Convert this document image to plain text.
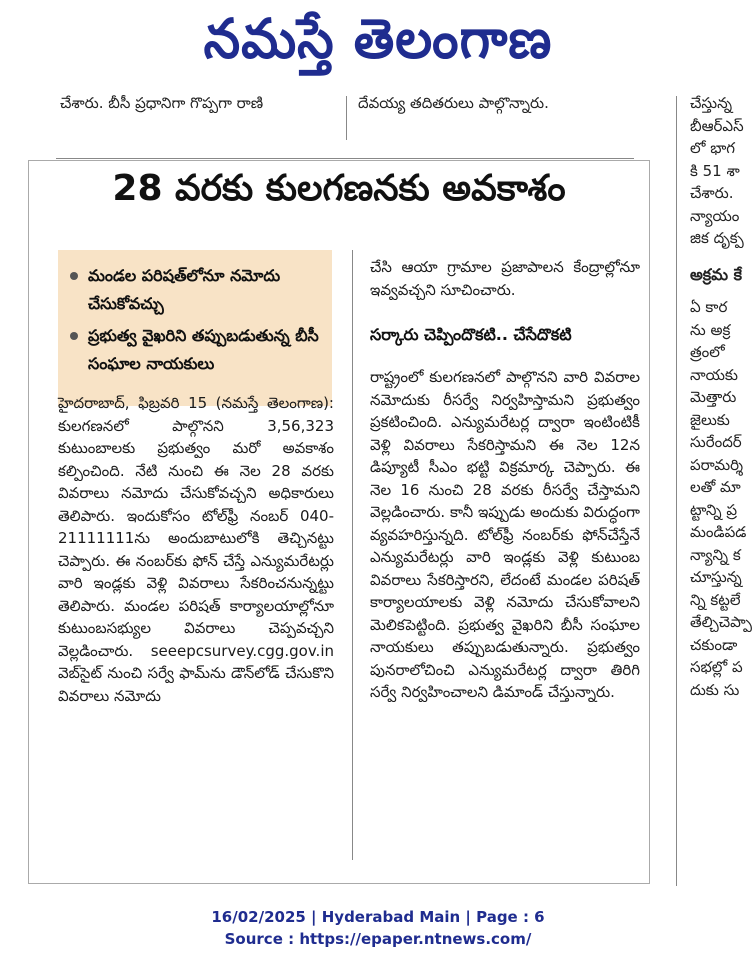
నమస్తే తెలంగాణ
చేశారు. బీసీ ప్రధానిగా గొప్పగా రాణి	దేవయ్య తదితరులు పాల్గొన్నారు.
28 వరకు కులగణనకు అవకాశం
మండల పరిషత్‌లోనూ నమోదు చేసుకోవచ్చు
ప్రభుత్వ వైఖరిని తప్పుబడుతున్న బీసీ సంఘాల నాయకులు

హైదరాబాద్, ఫిబ్రవరి 15 (నమస్తే తెలంగాణ): కులగణనలో పాల్గొనని 3,56,323 కుటుంబాలకు ప్రభుత్వం మరో అవకాశం కల్పించింది. నేటి నుంచి ఈ నెల 28 వరకు వివరాలు నమోదు చేసుకోవచ్చని అధికారులు తెలిపారు. ఇందుకోసం టోల్‌ఫ్రీ నంబర్ 040-21111111ను అందుబాటులోకి తెచ్చినట్టు చెప్పారు. ఈ నంబర్‌కు ఫోన్ చేస్తే ఎన్యుమరేటర్లు వారి ఇండ్లకు వెళ్లి వివరాలు సేకరించనున్నట్టు తెలిపారు. మండల పరిషత్ కార్యాలయాల్లోనూ కుటుంబసభ్యుల వివరాలు చెప్పవచ్చని వెల్లడించారు. seeepcsurvey.cgg.gov.in వెబ్‌సైట్ నుంచి సర్వే ఫామ్‌ను డౌన్‌లోడ్ చేసుకొని వివరాలు నమోదు

చేసి ఆయా గ్రామాల ప్రజాపాలన కేంద్రాల్లోనూ ఇవ్వవచ్చని సూచించారు.

సర్కారు చెప్పిందొకటి.. చేసేదొకటి

రాష్ట్రంలో కులగణనలో పాల్గొనని వారి వివరాల నమోదుకు రీసర్వే నిర్వహిస్తామని ప్రభుత్వం ప్రకటించింది. ఎన్యుమరేటర్ల ద్వారా ఇంటింటికీ వెళ్లి వివరాలు సేకరిస్తామని ఈ నెల 12న డిప్యూటీ సీఎం భట్టి విక్రమార్క చెప్పారు. ఈ నెల 16 నుంచి 28 వరకు రీసర్వే చేస్తామని వెల్లడించారు. కానీ ఇప్పుడు అందుకు విరుద్ధంగా వ్యవహరిస్తున్నది. టోల్‌ఫ్రీ నంబర్‌కు ఫోన్‌చేస్తేనే ఎన్యుమరేటర్లు వారి ఇండ్లకు వెళ్లి కుటుంబ వివరాలు సేకరిస్తారని, లేదంటే మండల పరిషత్ కార్యాలయాలకు వెళ్లి నమోదు చేసుకోవాలని మెలికపెట్టింది. ప్రభుత్వ వైఖరిని బీసీ సంఘాల నాయకులు తప్పుబడుతున్నారు. ప్రభుత్వం పునరాలోచించి ఎన్యుమరేటర్ల ద్వారా తిరిగి సర్వే నిర్వహించాలని డిమాండ్ చేస్తున్నారు.

చేస్తున్న
బీఆర్ఎస్
లో భాగ
కి 51 శా
చేశారు.
న్యాయం
జిక దృక్ప
అక్రమ కే
ఏ కార
ను అక్ర
త్రంలో
నాయకు
మెత్తారు
జైలుకు
సురేందర్
పరామర్శి
లతో మా
ట్టాన్ని ప్ర
మండిపడ
న్యాన్ని క
చూస్తున్న
న్ని కట్టలే
తేల్చిచెప్పా
చకుండా
సభల్లో ప
దుకు సు
16/02/2025 | Hyderabad Main | Page : 6
Source : https://epaper.ntnews.com/
